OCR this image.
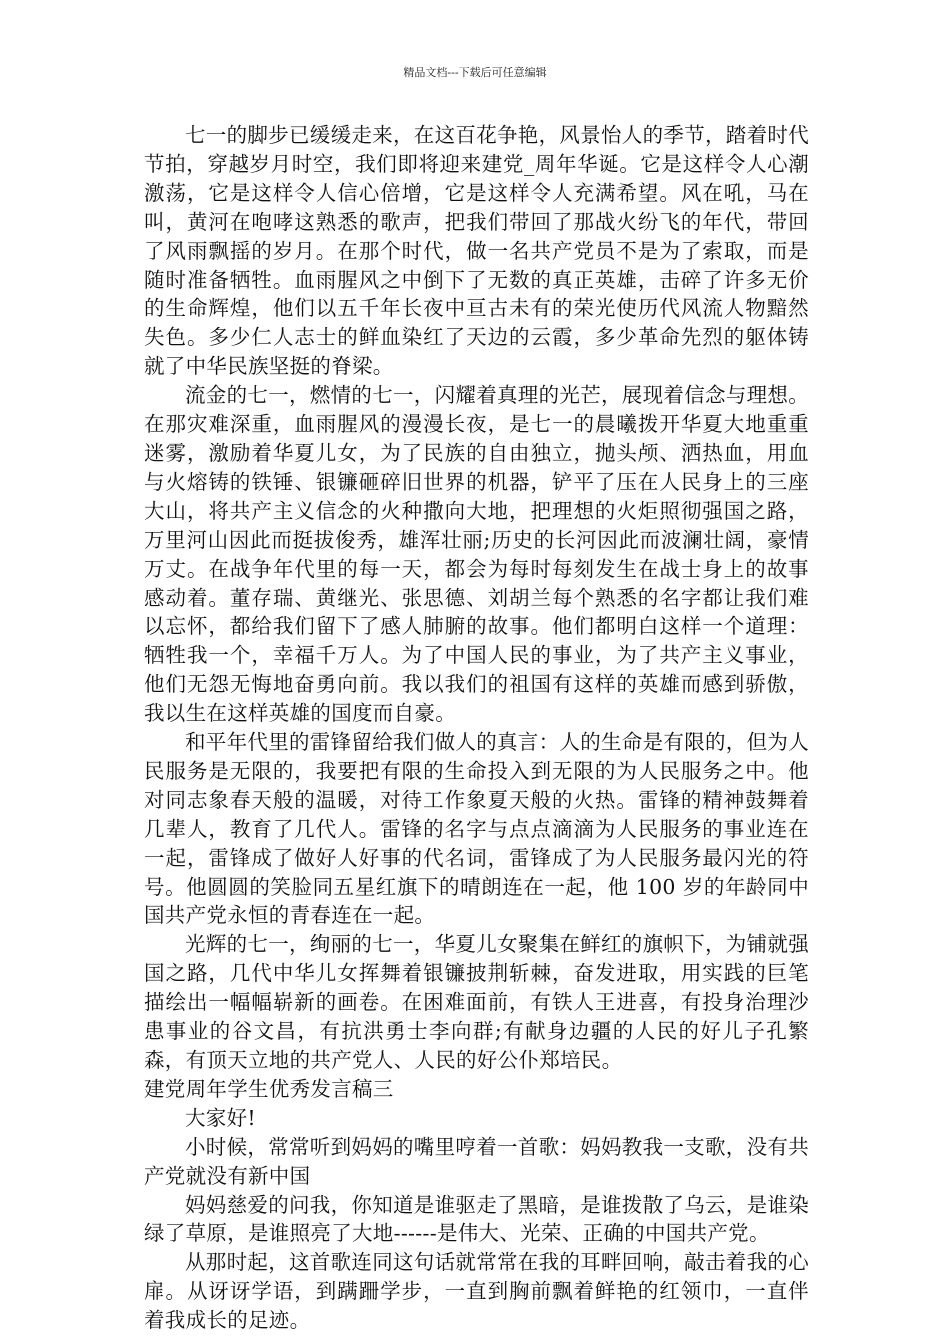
精品文档---下载后可任意编辑

七一的脚步已缓缓走来，在这百花争艳，风景怡人的季节，踏着时代节拍，穿越岁月时空，我们即将迎来建党_周年华诞。它是这样令人心潮激荡，它是这样令人信心倍增，它是这样令人充满希望。风在吼，马在叫，黄河在咆哮这熟悉的歌声，把我们带回了那战火纷飞的年代，带回了风雨飘摇的岁月。在那个时代，做一名共产党员不是为了索取，而是随时准备牺牲。血雨腥风之中倒下了无数的真正英雄，击碎了许多无价的生命辉煌，他们以五千年长夜中亘古未有的荣光使历代风流人物黯然失色。多少仁人志士的鲜血染红了天边的云霞，多少革命先烈的躯体铸就了中华民族坚挺的脊梁。

流金的七一，燃情的七一，闪耀着真理的光芒，展现着信念与理想。在那灾难深重，血雨腥风的漫漫长夜，是七一的晨曦拨开华夏大地重重迷雾，激励着华夏儿女，为了民族的自由独立，抛头颅、洒热血，用血与火熔铸的铁锤、银镰砸碎旧世界的机器，铲平了压在人民身上的三座大山，将共产主义信念的火种撒向大地，把理想的火炬照彻强国之路，万里河山因此而挺拔俊秀，雄浑壮丽;历史的长河因此而波澜壮阔，豪情万丈。在战争年代里的每一天，都会为每时每刻发生在战士身上的故事感动着。董存瑞、黄继光、张思德、刘胡兰每个熟悉的名字都让我们难以忘怀，都给我们留下了感人肺腑的故事。他们都明白这样一个道理：牺牲我一个，幸福千万人。为了中国人民的事业，为了共产主义事业，他们无怨无悔地奋勇向前。我以我们的祖国有这样的英雄而感到骄傲，我以生在这样英雄的国度而自豪。

和平年代里的雷锋留给我们做人的真言：人的生命是有限的，但为人民服务是无限的，我要把有限的生命投入到无限的为人民服务之中。他对同志象春天般的温暖，对待工作象夏天般的火热。雷锋的精神鼓舞着几辈人，教育了几代人。雷锋的名字与点点滴滴为人民服务的事业连在一起，雷锋成了做好人好事的代名词，雷锋成了为人民服务最闪光的符号。他圆圆的笑脸同五星红旗下的晴朗连在一起，他 100 岁的年龄同中国共产党永恒的青春连在一起。

光辉的七一，绚丽的七一，华夏儿女聚集在鲜红的旗帜下，为铺就强国之路，几代中华儿女挥舞着银镰披荆斩棘，奋发进取，用实践的巨笔描绘出一幅幅崭新的画卷。在困难面前，有铁人王进喜，有投身治理沙患事业的谷文昌，有抗洪勇士李向群;有献身边疆的人民的好儿子孔繁森，有顶天立地的共产党人、人民的好公仆郑培民。

建党周年学生优秀发言稿三

大家好!

小时候，常常听到妈妈的嘴里哼着一首歌：妈妈教我一支歌，没有共产党就没有新中国

妈妈慈爱的问我，你知道是谁驱走了黑暗，是谁拨散了乌云，是谁染绿了草原，是谁照亮了大地------是伟大、光荣、正确的中国共产党。

从那时起，这首歌连同这句话就常常在我的耳畔回响，敲击着我的心扉。从讶讶学语，到蹒跚学步，一直到胸前飘着鲜艳的红领巾，一直伴着我成长的足迹。
